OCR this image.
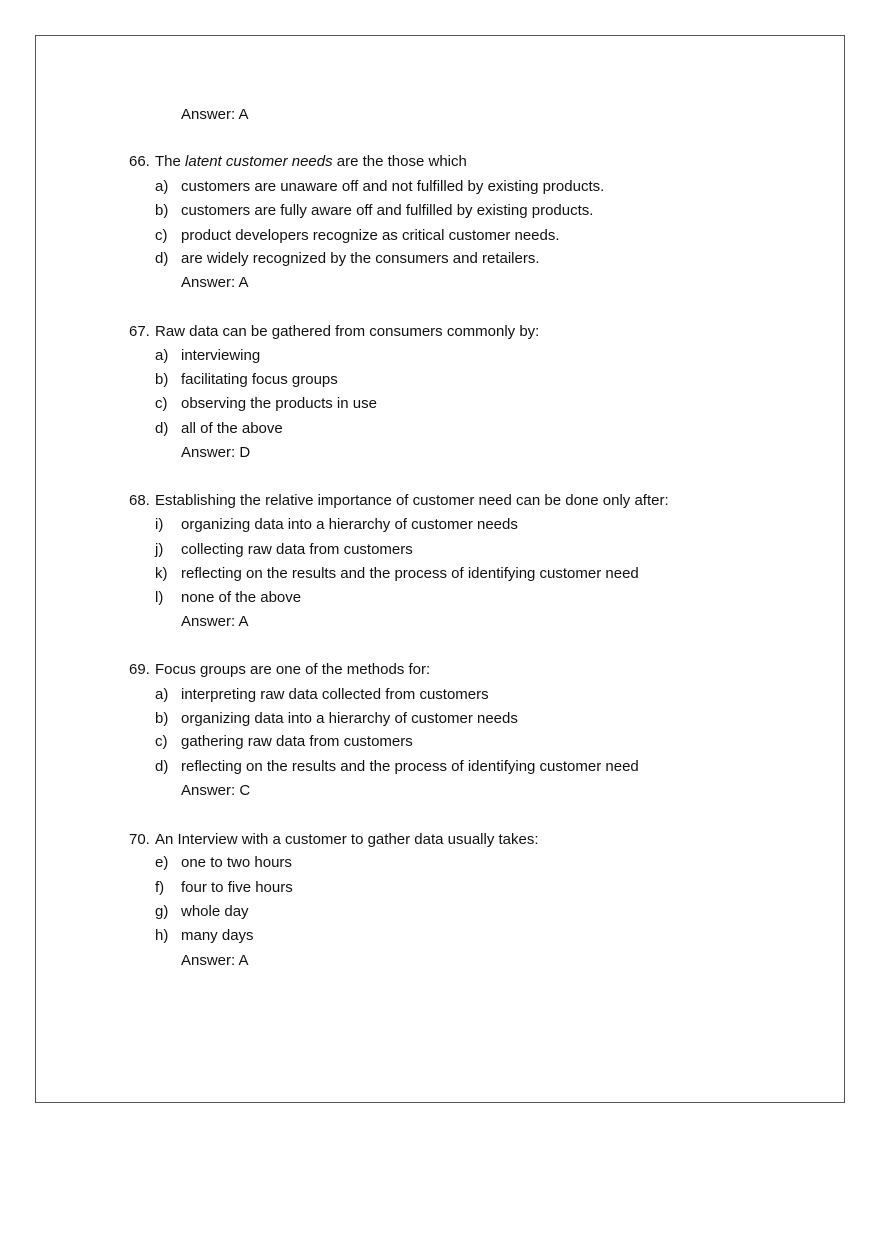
Answer: A
66. The latent customer needs are the those which
a) customers are unaware off and not fulfilled by existing products.
b) customers are fully aware off and fulfilled by existing products.
c) product developers recognize as critical customer needs.
d) are widely recognized by the consumers and retailers.
Answer: A
67. Raw data can be gathered from consumers commonly by:
a) interviewing
b) facilitating focus groups
c) observing the products in use
d) all of the above
Answer: D
68. Establishing the relative importance of customer need can be done only after:
i) organizing data into a hierarchy of customer needs
j) collecting raw data from customers
k) reflecting on the results and the process of identifying customer need
l) none of the above
Answer: A
69. Focus groups are one of the methods for:
a) interpreting raw data collected from customers
b) organizing data into a hierarchy of customer needs
c) gathering raw data from customers
d) reflecting on the results and the process of identifying customer need
Answer: C
70. An Interview with a customer to gather data usually takes:
e) one to two hours
f) four to five hours
g) whole day
h) many days
Answer: A
